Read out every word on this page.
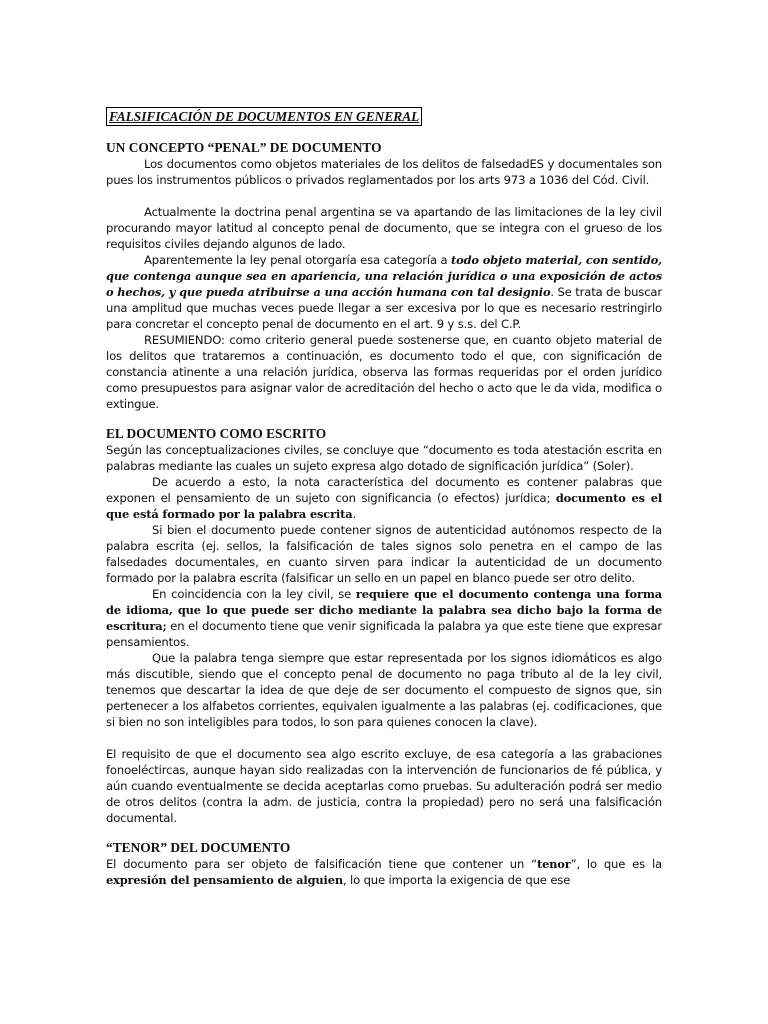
FALSIFICACIÓN DE DOCUMENTOS EN GENERAL
UN CONCEPTO “PENAL” DE DOCUMENTO

Los documentos como objetos materiales de los delitos de falsedadES y documentales son pues los instrumentos públicos o privados reglamentados por los arts 973 a 1036 del Cód. Civil.

Actualmente la doctrina penal argentina se va apartando de las limitaciones de la ley civil procurando mayor latitud al concepto penal de documento, que se integra con el grueso de los requisitos civiles dejando algunos de lado.

Aparentemente la ley penal otorgaría esa categoría a todo objeto material, con sentido, que contenga aunque sea en apariencia, una relación jurídica o una exposición de actos o hechos, y que pueda atribuirse a una acción humana con tal designio. Se trata de buscar una amplitud que muchas veces puede llegar a ser excesiva por lo que es necesario restringirlo para concretar el concepto penal de documento en el art. 9 y s.s. del C.P.

RESUMIENDO: como criterio general puede sostenerse que, en cuanto objeto material de los delitos que trataremos a continuación, es documento todo el que, con significación de constancia atinente a una relación jurídica, observa las formas requeridas por el orden jurídico como presupuestos para asignar valor de acreditación del hecho o acto que le da vida, modifica o extingue.

EL DOCUMENTO COMO ESCRITO

Según las conceptualizaciones civiles, se concluye que “documento es toda atestación escrita en palabras mediante las cuales un sujeto expresa algo dotado de significación jurídica” (Soler).

De acuerdo a esto, la nota característica del documento es contener palabras que exponen el pensamiento de un sujeto con significancia (o efectos) jurídica; documento es el que está formado por la palabra escrita.

Si bien el documento puede contener signos de autenticidad autónomos respecto de la palabra escrita (ej. sellos, la falsificación de tales signos solo penetra en el campo de las falsedades documentales, en cuanto sirven para indicar la autenticidad de un documento formado por la palabra escrita (falsificar un sello en un papel en blanco puede ser otro delito.

En coincidencia con la ley civil, se requiere que el documento contenga una forma de idioma, que lo que puede ser dicho mediante la palabra sea dicho bajo la forma de escritura; en el documento tiene que venir significada la palabra ya que este tiene que expresar pensamientos.

Que la palabra tenga siempre que estar representada por los signos idiomáticos es algo más discutible, siendo que el concepto penal de documento no paga tributo al de la ley civil, tenemos que descartar la idea de que deje de ser documento el compuesto de signos que, sin pertenecer a los alfabetos corrientes, equivalen igualmente a las palabras (ej. codificaciones, que si bien no son inteligibles para todos, lo son para quienes conocen la clave).

El requisito de que el documento sea algo escrito excluye, de esa categoría a las grabaciones fonoeléctircas, aunque hayan sido realizadas con la intervención de funcionarios de fé pública, y aún cuando eventualmente se decida aceptarlas como pruebas. Su adulteración podrá ser medio de otros delitos (contra la adm. de justicia, contra la propiedad) pero no será una falsificación documental.

“TENOR” DEL DOCUMENTO

El documento para ser objeto de falsificación tiene que contener un “tenor”, lo que es la expresión del pensamiento de alguien, lo que importa la exigencia de que ese
